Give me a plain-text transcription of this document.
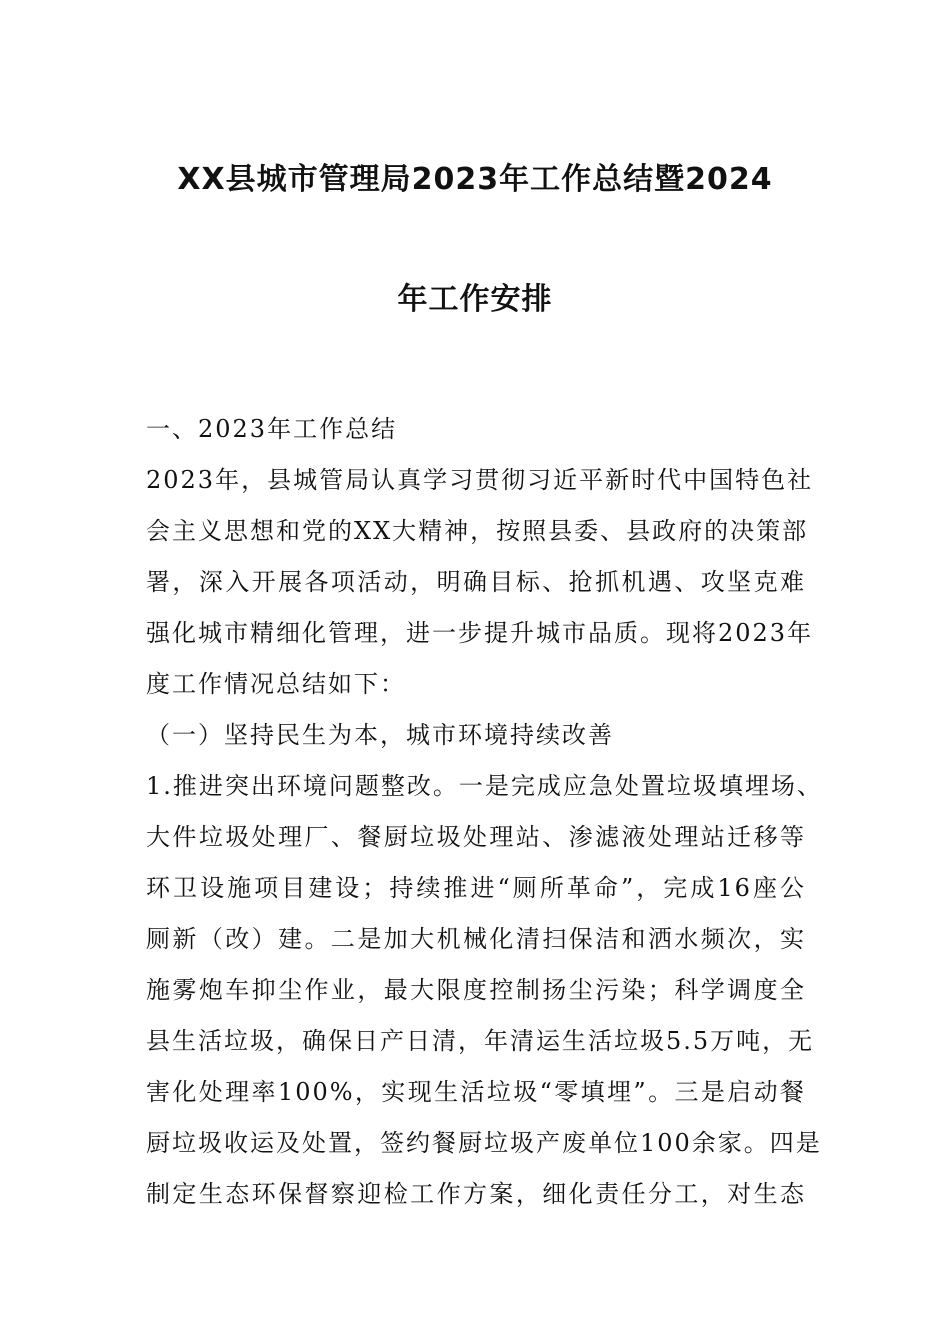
XX县城市管理局2023年工作总结暨2024
年工作安排
一、2023年工作总结
2023年，县城管局认真学习贯彻习近平新时代中国特色社
会主义思想和党的XX大精神，按照县委、县政府的决策部
署，深入开展各项活动，明确目标、抢抓机遇、攻坚克难
强化城市精细化管理，进一步提升城市品质。现将2023年
度工作情况总结如下：
（一）坚持民生为本，城市环境持续改善
1.推进突出环境问题整改。一是完成应急处置垃圾填埋场、
大件垃圾处理厂、餐厨垃圾处理站、渗滤液处理站迁移等
环卫设施项目建设；持续推进“厕所革命”，完成16座公
厕新（改）建。二是加大机械化清扫保洁和洒水频次，实
施雾炮车抑尘作业，最大限度控制扬尘污染；科学调度全
县生活垃圾，确保日产日清，年清运生活垃圾5.5万吨，无
害化处理率100%，实现生活垃圾“零填埋”。三是启动餐
厨垃圾收运及处置，签约餐厨垃圾产废单位100余家。四是
制定生态环保督察迎检工作方案，细化责任分工，对生态
